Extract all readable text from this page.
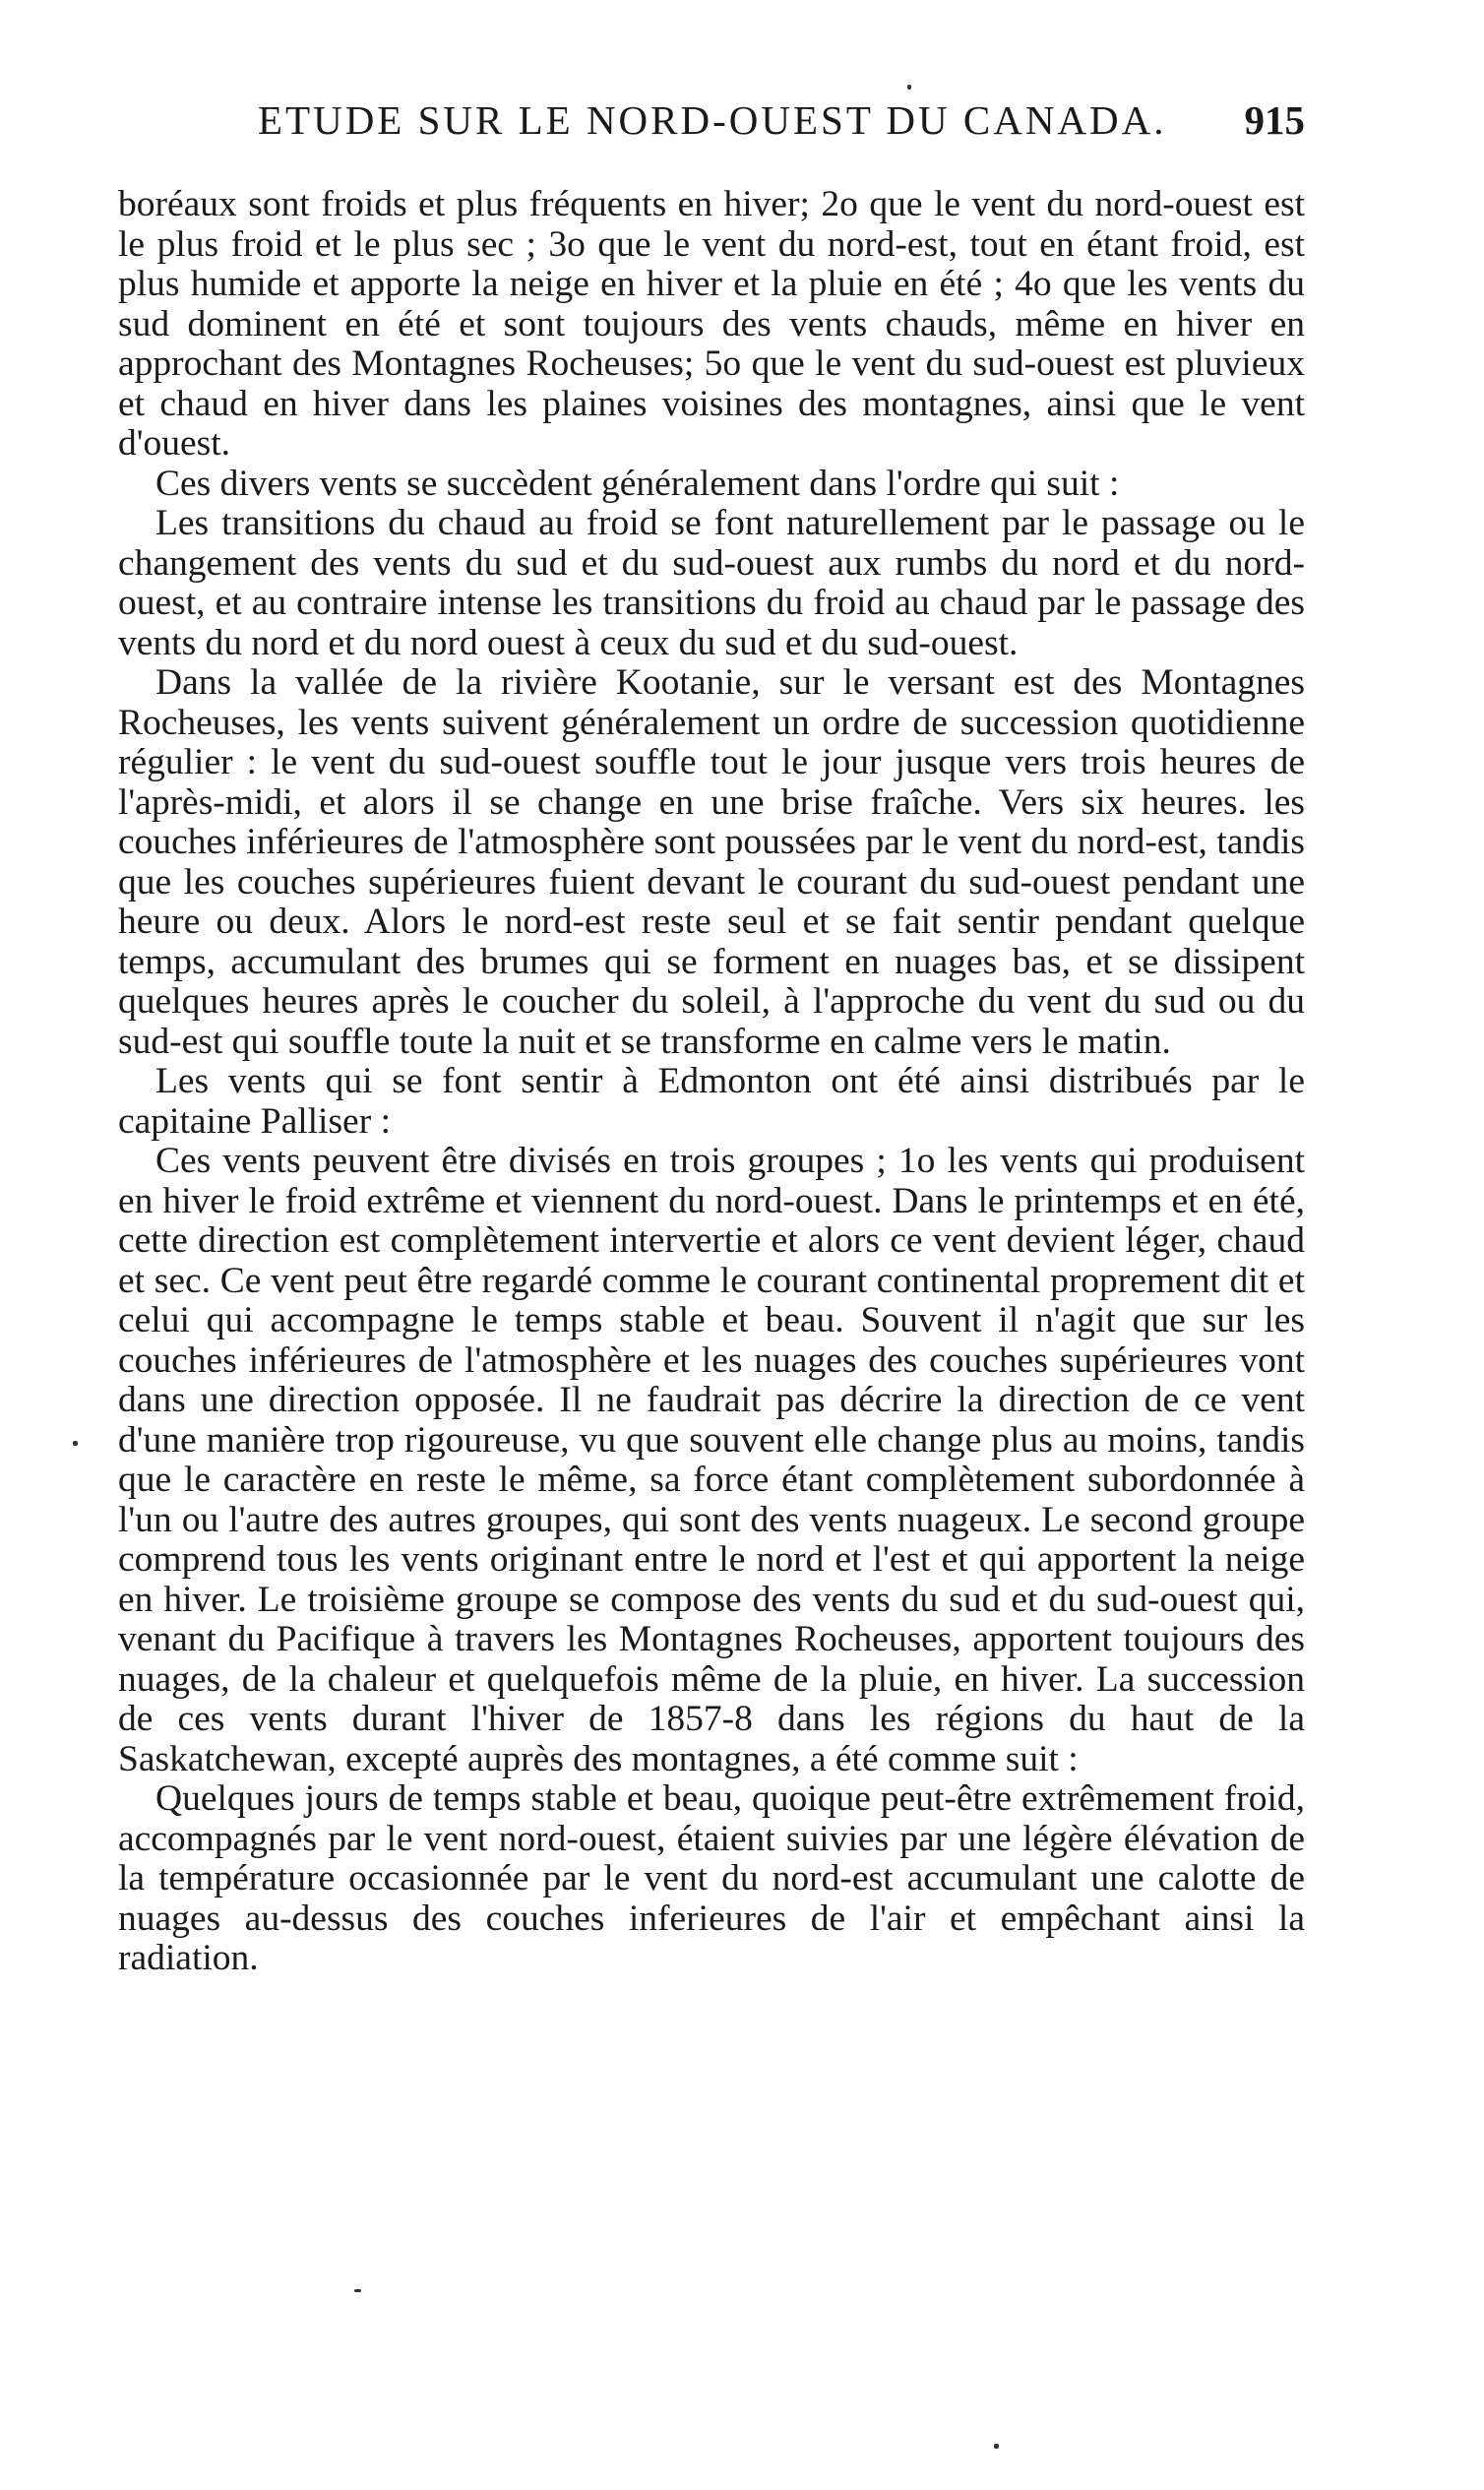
ETUDE SUR LE NORD-OUEST DU CANADA. 915

boréaux sont froids et plus fréquents en hiver; 2o que le vent du nord-ouest est le plus froid et le plus sec ; 3o que le vent du nord-est, tout en étant froid, est plus humide et apporte la neige en hiver et la pluie en été ; 4o que les vents du sud dominent en été et sont toujours des vents chauds, même en hiver en approchant des Montagnes Rocheuses; 5o que le vent du sud-ouest est pluvieux et chaud en hiver dans les plaines voisines des montagnes, ainsi que le vent d'ouest.

Ces divers vents se succèdent généralement dans l'ordre qui suit :

Les transitions du chaud au froid se font naturellement par le passage ou le changement des vents du sud et du sud-ouest aux rumbs du nord et du nord-ouest, et au contraire intense les transitions du froid au chaud par le passage des vents du nord et du nord ouest à ceux du sud et du sud-ouest.

Dans la vallée de la rivière Kootanie, sur le versant est des Montagnes Rocheuses, les vents suivent généralement un ordre de succession quotidienne régulier : le vent du sud-ouest souffle tout le jour jusque vers trois heures de l'après-midi, et alors il se change en une brise fraîche. Vers six heures. les couches inférieures de l'atmosphère sont poussées par le vent du nord-est, tandis que les couches supérieures fuient devant le courant du sud-ouest pendant une heure ou deux. Alors le nord-est reste seul et se fait sentir pendant quelque temps, accumulant des brumes qui se forment en nuages bas, et se dissipent quelques heures après le coucher du soleil, à l'approche du vent du sud ou du sud-est qui souffle toute la nuit et se transforme en calme vers le matin.

Les vents qui se font sentir à Edmonton ont été ainsi distribués par le capitaine Palliser :

Ces vents peuvent être divisés en trois groupes ; 1o les vents qui produisent en hiver le froid extrême et viennent du nord-ouest. Dans le printemps et en été, cette direction est complètement intervertie et alors ce vent devient léger, chaud et sec. Ce vent peut être regardé comme le courant continental proprement dit et celui qui accompagne le temps stable et beau. Souvent il n'agit que sur les couches inférieures de l'atmosphère et les nuages des couches supérieures vont dans une direction opposée. Il ne faudrait pas décrire la direction de ce vent d'une manière trop rigoureuse, vu que souvent elle change plus au moins, tandis que le caractère en reste le même, sa force étant complètement subordonnée à l'un ou l'autre des autres groupes, qui sont des vents nuageux. Le second groupe comprend tous les vents originant entre le nord et l'est et qui apportent la neige en hiver. Le troisième groupe se compose des vents du sud et du sud-ouest qui, venant du Pacifique à travers les Montagnes Rocheuses, apportent toujours des nuages, de la chaleur et quelquefois même de la pluie, en hiver. La succession de ces vents durant l'hiver de 1857-8 dans les régions du haut de la Saskatchewan, excepté auprès des montagnes, a été comme suit :

Quelques jours de temps stable et beau, quoique peut-être extrêmement froid, accompagnés par le vent nord-ouest, étaient suivies par une légère élévation de la température occasionnée par le vent du nord-est accumulant une calotte de nuages au-dessus des couches inferieures de l'air et empêchant ainsi la radiation.
